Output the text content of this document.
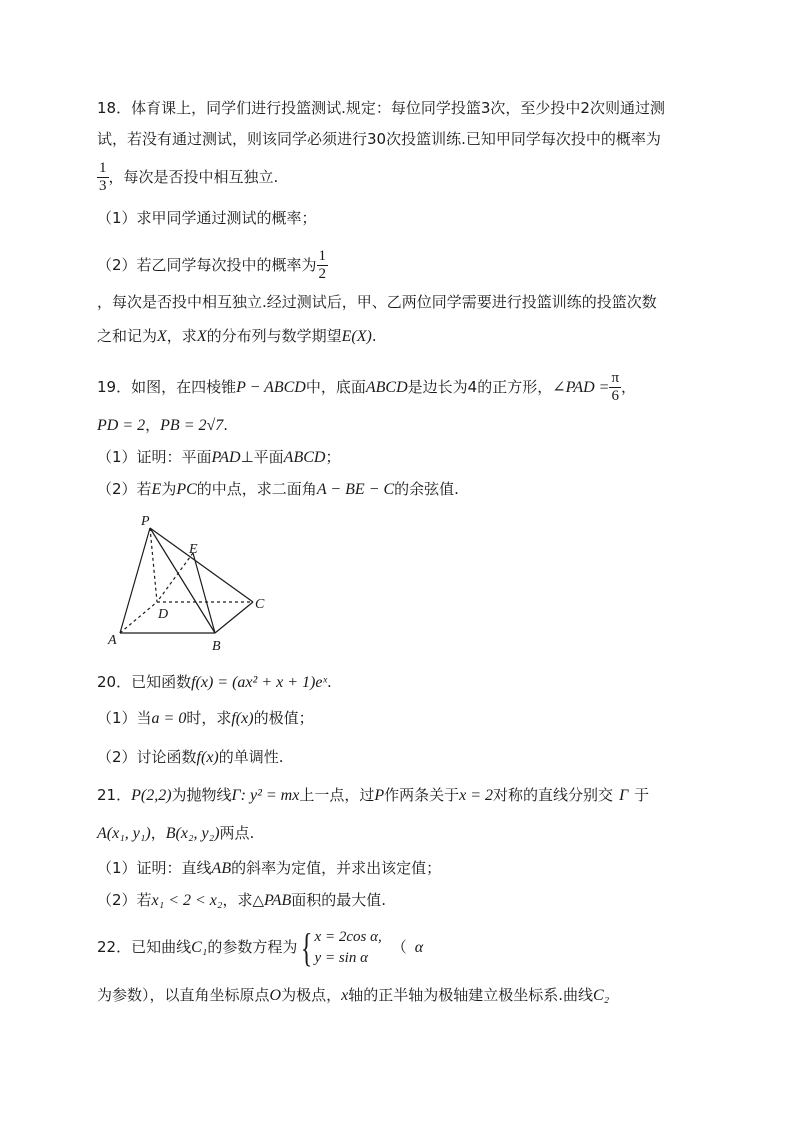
18．体育课上，同学们进行投篮测试.规定：每位同学投篮3次，至少投中2次则通过测
试，若没有通过测试，则该同学必须进行30次投篮训练.已知甲同学每次投中的概率为
$\frac{1}{3}$ ，每次是否投中相互独立.
（1）求甲同学通过测试的概率；
（2）若乙同学每次投中的概率为 $\frac{1}{2}$
，每次是否投中相互独立.经过测试后，甲、乙两位同学需要进行投篮训练的投篮次数
之和记为X，求X的分布列与数学期望E(X).
19．如图，在四棱锥P − ABCD中，底面ABCD是边长为4的正方形，∠PAD = $\frac{\pi}{6}$ ，
PD = 2，PB = 2√7.
（1）证明：平面PAD⊥平面ABCD；
（2）若E为PC的中点，求二面角A − BE − C的余弦值.
P
E
D
C
A	B
20．已知函数f(x) = (ax² + x + 1)eˣ.
（1）当a = 0时，求f(x)的极值；
（2）讨论函数f(x)的单调性.
21．P(2,2)为抛物线Γ: y² = mx上一点，过P作两条关于x = 2对称的直线分别交 Γ 于
A(x₁, y₁)，B(x₂, y₂)两点.
（1）证明：直线AB的斜率为定值，并求出该定值；
（2）若x₁ < 2 < x₂，求△PAB面积的最大值.
22．已知曲线C₁的参数方程为{ x = 2cos α,
y = sin α
（ α
为参数），以直角坐标原点O为极点，x轴的正半轴为极轴建立极坐标系.曲线C₂
